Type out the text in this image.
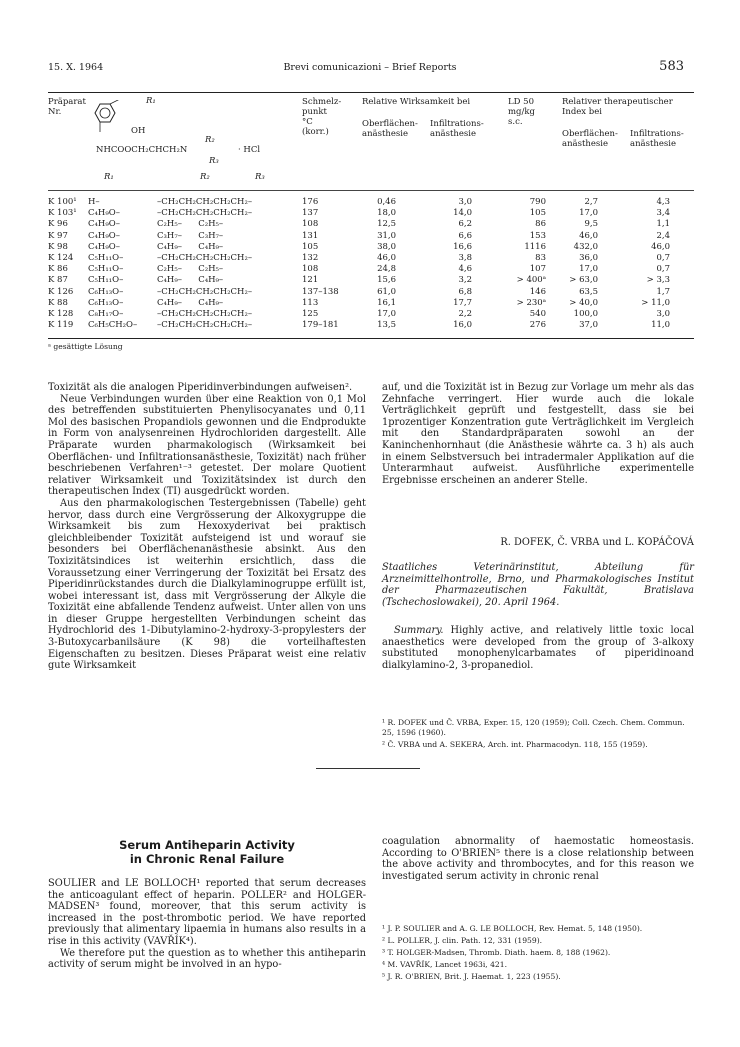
15. X. 1964	Brevi comunicazioni – Brief Reports	583
Präparat
Nr.
R₁
OH
R₂
NHCOOCH₂CHCH₂N	· HCl
R₃
R₁	R₂	R₃
Schmelz-
punkt
°C
(korr.)
Relative Wirksamkeit bei
Oberflächen-
anästhesie
Infiltrations-
anästhesie
LD 50
mg/kg
s.c.
Relativer therapeutischer
Index bei
Oberflächen-
anästhesie
Infiltrations-
anästhesie
K 100¹ H–	–CH₂CH₂CH₂CH₂CH₂–	176	0,46	3,0	790	2,7	4,3
K 103¹ C₄H₉O–	–CH₂CH₂CH₂CH₂CH₂–	137	18,0	14,0	105	17,0	3,4
K 96 C₄H₉O–	C₂H₅–      C₂H₅–	108	12,5	6,2	86	9,5	1,1
K 97 C₄H₉O–	C₃H₇–      C₃H₇–	131	31,0	6,6	153	46,0	2,4
K 98 C₄H₉O–	C₄H₉–      C₄H₉–	105	38,0	16,6	1116	432,0	46,0
K 124 C₅H₁₁O–	–CH₂CH₂CH₂CH₂CH₂–	132	46,0	3,8	83	36,0	0,7
K 86 C₅H₁₁O–	C₂H₅–      C₂H₅–	108	24,8	4,6	107	17,0	0,7
K 87 C₅H₁₁O–	C₄H₉–      C₄H₉–	121	15,6	3,2	> 400ᵃ	> 63,0	> 3,3
K 126 C₆H₁₃O–	–CH₂CH₂CH₂CH₂CH₂–	137–138	61,0	6,8	146	63,5	1,7
K 88 C₆H₁₃O–	C₄H₉–      C₄H₉–	113	16,1	17,7	> 230ᵃ	> 40,0	> 11,0
K 128 C₈H₁₇O–	–CH₂CH₂CH₂CH₂CH₂–	125	17,0	2,2	540	100,0	3,0
K 119 C₆H₅CH₂O– –CH₂CH₂CH₂CH₂CH₂–	179–181	13,5	16,0	276	37,0	11,0
ᵃ gesättigte Lösung

Toxizität als die analogen Piperidinverbindungen aufweisen².

Neue Verbindungen wurden über eine Reaktion von 0,1 Mol des betreffenden substituierten Phenylisocyanates und 0,11 Mol des basischen Propandiols gewonnen und die Endprodukte in Form von analysenreinen Hydrochloriden dargestellt. Alle Präparate wurden pharmakologisch (Wirksamkeit bei Oberflächen- und Infiltrationsanästhesie, Toxizität) nach früher beschriebenen Verfahren¹⁻³ getestet. Der molare Quotient relativer Wirksamkeit und Toxizitätsindex ist durch den therapeutischen Index (TI) ausgedrückt worden.

Aus den pharmakologischen Testergebnissen (Tabelle) geht hervor, dass durch eine Vergrösserung der Alkoxygruppe die Wirksamkeit bis zum Hexoxyderivat bei praktisch gleichbleibender Toxizität aufsteigend ist und worauf sie besonders bei Oberflächenanästhesie absinkt. Aus den Toxizitätsindices ist weiterhin ersichtlich, dass die Voraussetzung einer Verringerung der Toxizität bei Ersatz des Piperidinrückstandes durch die Dialkylaminogruppe erfüllt ist, wobei interessant ist, dass mit Vergrösserung der Alkyle die Toxizität eine abfallende Tendenz aufweist. Unter allen von uns in dieser Gruppe hergestellten Verbindungen scheint das Hydrochlorid des 1-Dibutylamino-2-hydroxy-3-propylesters der 3-Butoxycarbanilsäure (K 98) die vorteilhaftesten Eigenschaften zu besitzen. Dieses Präparat weist eine relativ gute Wirksamkeit

auf, und die Toxizität ist in Bezug zur Vorlage um mehr als das Zehnfache verringert. Hier wurde auch die lokale Verträglichkeit geprüft und festgestellt, dass sie bei 1prozentiger Konzentration gute Verträglichkeit im Vergleich mit den Standardpräparaten sowohl an der Kaninchenhornhaut (die Anästhesie währte ca. 3 h) als auch in einem Selbstversuch bei intradermaler Applikation auf die Unterarmhaut aufweist. Ausführliche experimentelle Ergebnisse erscheinen an anderer Stelle.

R. DOFEK, Č. VRBA und L. KOPÁČOVÁ
Staatliches Veterinärinstitut, Abteilung für Arzneimittelhontrolle, Brno, und Pharmakologisches Institut der Pharmazeutischen Fakultät, Bratislava (Tschechoslowakei), 20. April 1964.
Summary. Highly active, and relatively little toxic local anaesthetics were developed from the group of 3-alkoxy substituted monophenylcarbamates of piperidinoand dialkylamino-2, 3-propanediol.
¹ R. DOFEK und Č. VRBA, Exper. 15, 120 (1959); Coll. Czech. Chem. Commun. 25, 1596 (1960).
² Č. VRBA und A. SEKERA, Arch. int. Pharmacodyn. 118, 155 (1959).
Serum Antiheparin Activity
in Chronic Renal Failure

SOULIER and LE BOLLOCH¹ reported that serum decreases the anticoagulant effect of heparin. POLLER² and HOLGER-MADSEN³ found, moreover, that this serum activity is increased in the post-thrombotic period. We have reported previously that alimentary lipaemia in humans also results in a rise in this activity (VAVŘÍK⁴).

We therefore put the question as to whether this antiheparin activity of serum might be involved in an hypo-

coagulation abnormality of haemostatic homeostasis. According to O'BRIEN⁵ there is a close relationship between the above activity and thrombocytes, and for this reason we investigated serum activity in chronic renal

¹ J. P. SOULIER and A. G. LE BOLLOCH, Rev. Hemat. 5, 148 (1950).
² L. POLLER, J. clin. Path. 12, 331 (1959).
³ T. HOLGER-Madsen, Thromb. Diath. haem. 8, 188 (1962).
⁴ M. VAVŘÍK, Lancet 1963i, 421.
⁵ J. R. O'BRIEN, Brit. J. Haemat. 1, 223 (1955).
